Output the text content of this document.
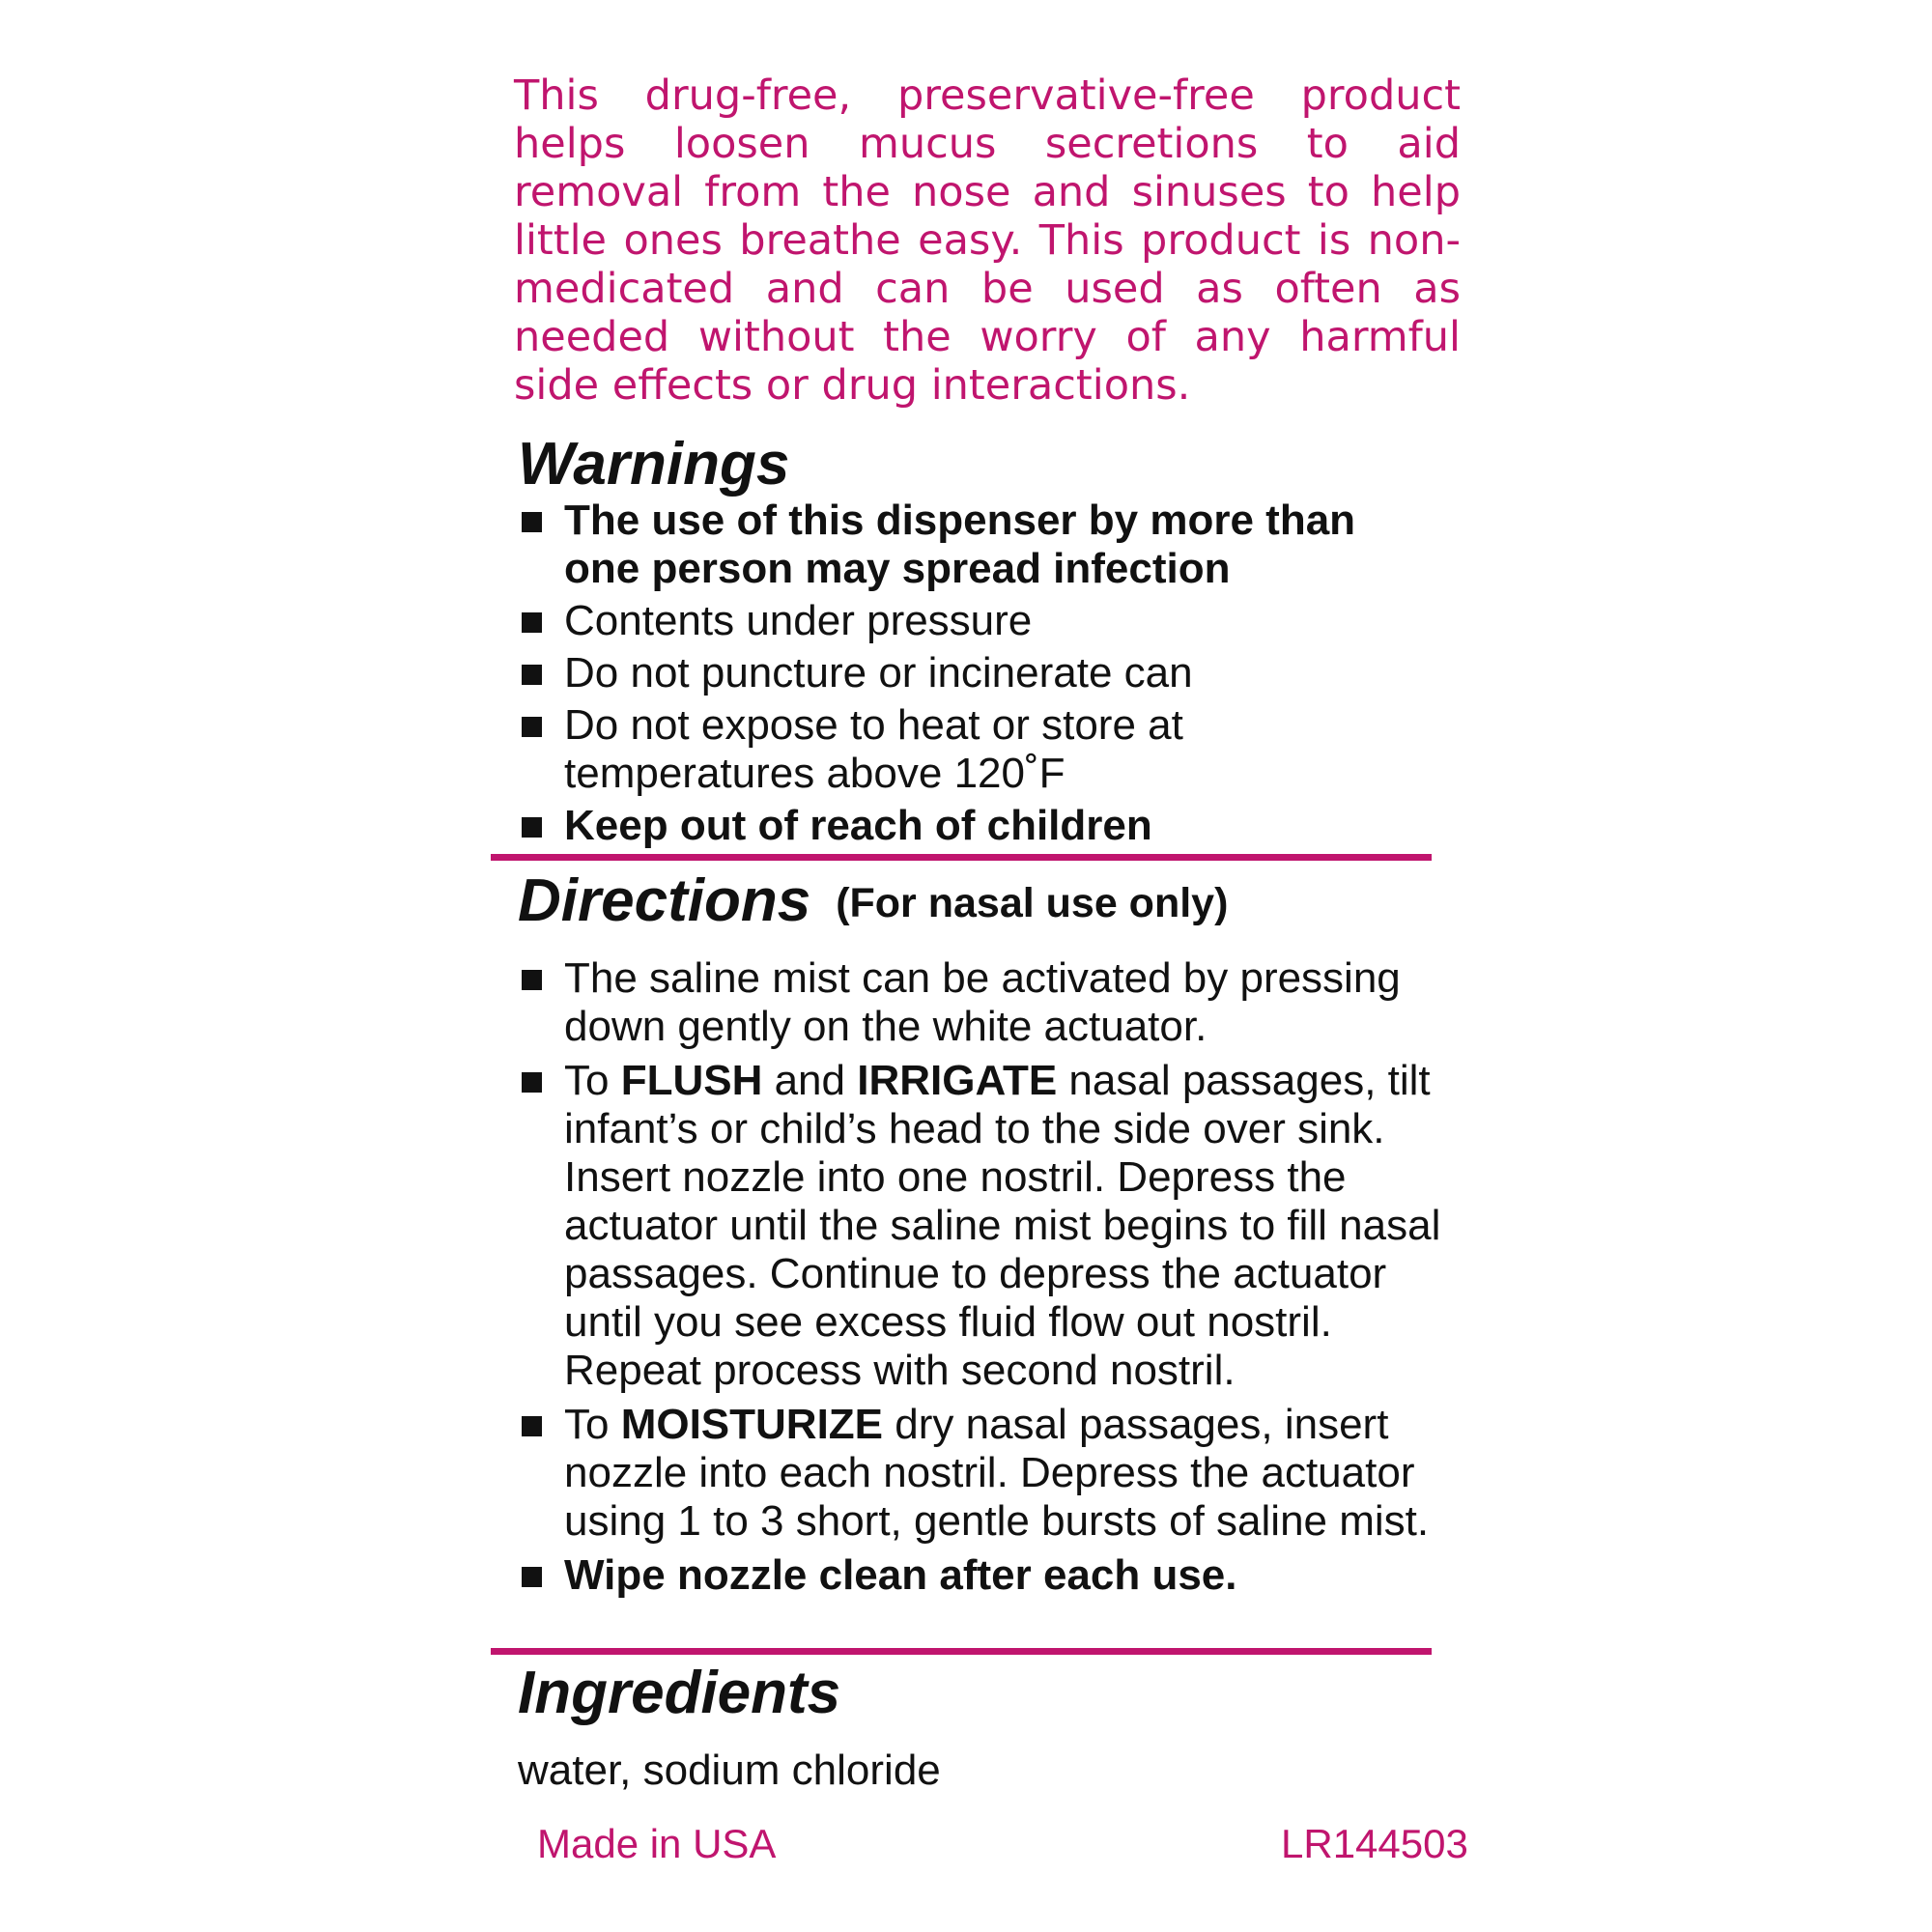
This drug-free, preservative-free product helps loosen mucus secretions to aid removal from the nose and sinuses to help little ones breathe easy. This product is non-medicated and can be used as often as needed without the worry of any harmful side effects or drug interactions.

Warnings
The use of this dispenser by more than one person may spread infection
Contents under pressure
Do not puncture or incinerate can
Do not expose to heat or store at temperatures above 120˚F
Keep out of reach of children
Directions (For nasal use only)
The saline mist can be activated by pressing down gently on the white actuator.
To FLUSH and IRRIGATE nasal passages, tilt infant’s or child’s head to the side over sink. Insert nozzle into one nostril. Depress the actuator until the saline mist begins to fill nasal passages. Continue to depress the actuator until you see excess fluid flow out nostril. Repeat process with second nostril.
To MOISTURIZE dry nasal passages, insert nozzle into each nostril. Depress the actuator using 1 to 3 short, gentle bursts of saline mist.
Wipe nozzle clean after each use.
Ingredients

water, sodium chloride

Made in USA	LR144503
